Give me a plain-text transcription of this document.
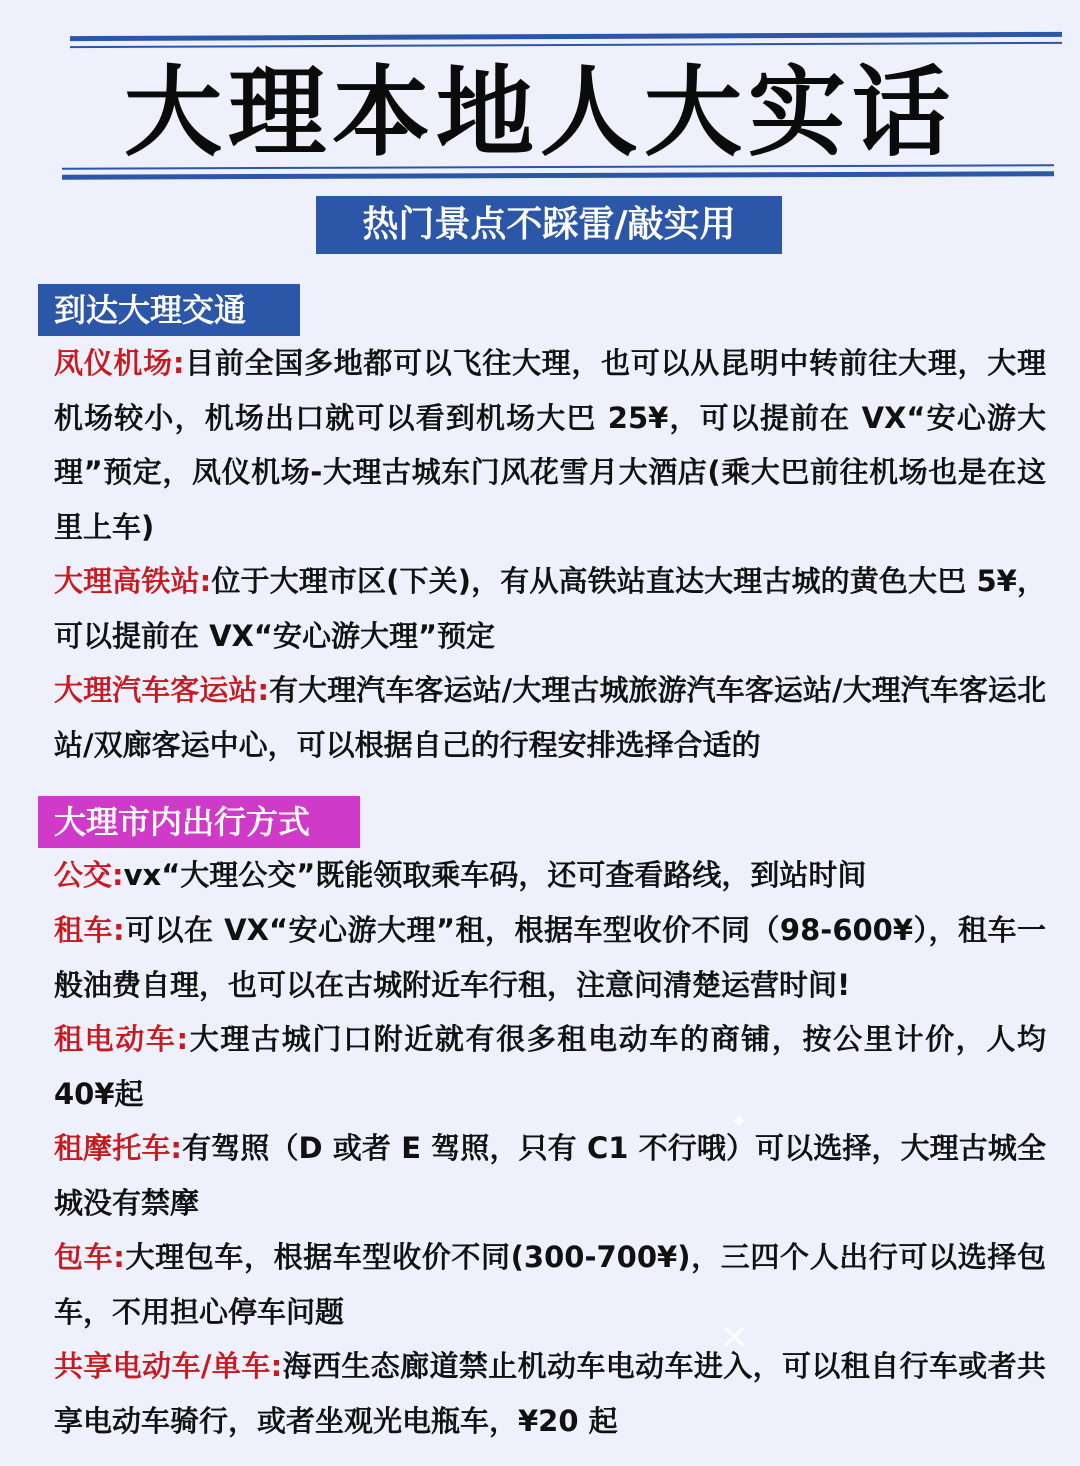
大理本地人大实话
热门景点不踩雷/敲实用
到达大理交通
凤仪机场:目前全国多地都可以飞往大理，也可以从昆明中转前往大理，大理机场较小，机场出口就可以看到机场大巴 25¥，可以提前在 VX“安心游大理”预定，凤仪机场-大理古城东门风花雪月大酒店(乘大巴前往机场也是在这里上车)
大理高铁站:位于大理市区(下关)，有从高铁站直达大理古城的黄色大巴 5¥，可以提前在 VX“安心游大理”预定
大理汽车客运站:有大理汽车客运站/大理古城旅游汽车客运站/大理汽车客运北站/双廊客运中心，可以根据自己的行程安排选择合适的
大理市内出行方式
公交:vx“大理公交”既能领取乘车码，还可查看路线，到站时间
租车:可以在 VX“安心游大理”租，根据车型收价不同（98-600¥），租车一般油费自理，也可以在古城附近车行租，注意问清楚运营时间!
租电动车:大理古城门口附近就有很多租电动车的商铺，按公里计价，人均 40¥起
租摩托车:有驾照（D 或者 E 驾照，只有 C1 不行哦）可以选择，大理古城全城没有禁摩
包车:大理包车，根据车型收价不同(300-700¥)，三四个人出行可以选择包车，不用担心停车问题
共享电动车/单车:海西生态廊道禁止机动车电动车进入，可以租自行车或者共享电动车骑行，或者坐观光电瓶车，¥20 起
✕
✦
